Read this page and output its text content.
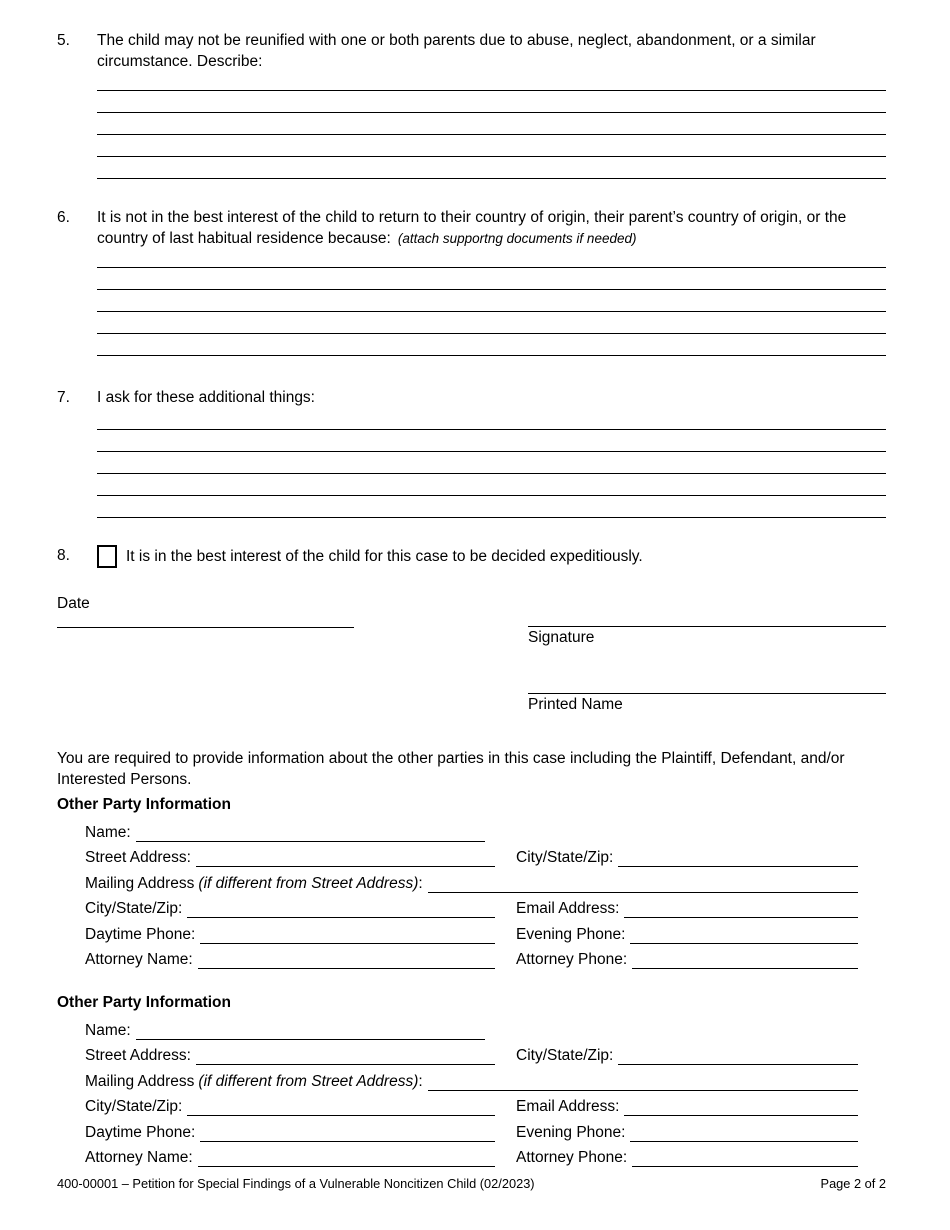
5.	The child may not be reunified with one or both parents due to abuse, neglect, abandonment, or a similar circumstance. Describe:
6.	It is not in the best interest of the child to return to their country of origin, their parent’s country of origin, or the country of last habitual residence because: (attach supportng documents if needed)
7.	I ask for these additional things:
8.	It is in the best interest of the child for this case to be decided expeditiously.
Date
Signature
Printed Name
You are required to provide information about the other parties in this case including the Plaintiff, Defendant, and/or Interested Persons.
Other Party Information
Name:
Street Address:	City/State/Zip:
Mailing Address (if different from Street Address) :
City/State/Zip:	Email Address:
Daytime Phone:	Evening Phone:
Attorney Name:	Attorney Phone:
Other Party Information
Name:
Street Address:	City/State/Zip:
Mailing Address (if different from Street Address) :
City/State/Zip:	Email Address:
Daytime Phone:	Evening Phone:
Attorney Name:	Attorney Phone:
400-00001 – Petition for Special Findings of a Vulnerable Noncitizen Child (02/2023)	Page 2 of 2
